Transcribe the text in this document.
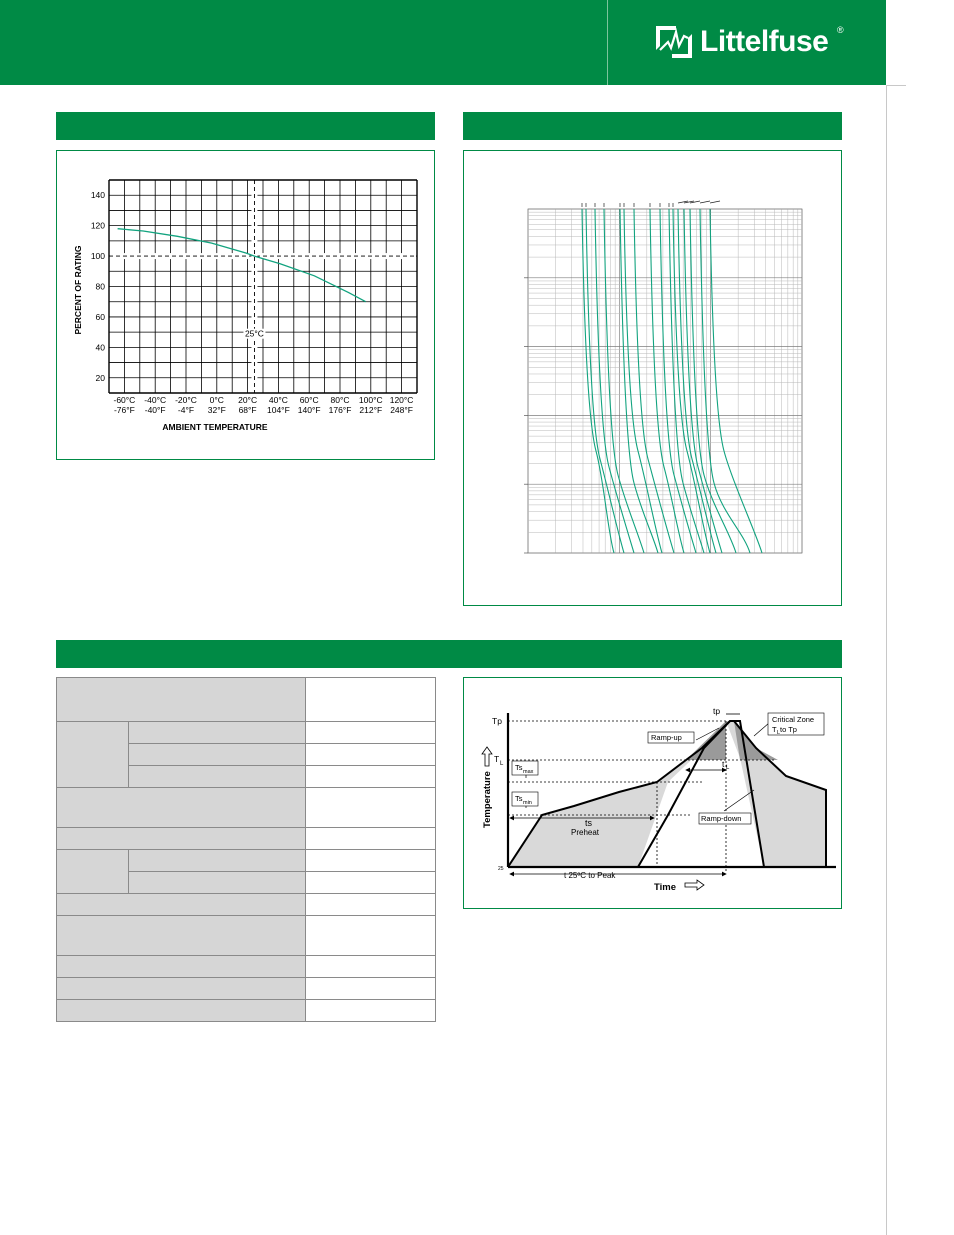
Littelfuse ®
20
40
60
80
100
120
140
-60°C
-76°F
-40°C
-40°F
-20°C
-4°F
0°C
32°F
20°C
68°F
40°C
104°F
60°C
140°F
80°C
176°F
100°C
212°F
120°C
248°F
25°C
AMBIENT TEMPERATURE
PERCENT OF RATING

tp
Tp
T L
Critical Zone
T L to Tp
Ramp-up
Ramp-down
Ts max
Ts min
ts
Preheat
t L
25
t 25ºC to Peak
Time
Temperature
